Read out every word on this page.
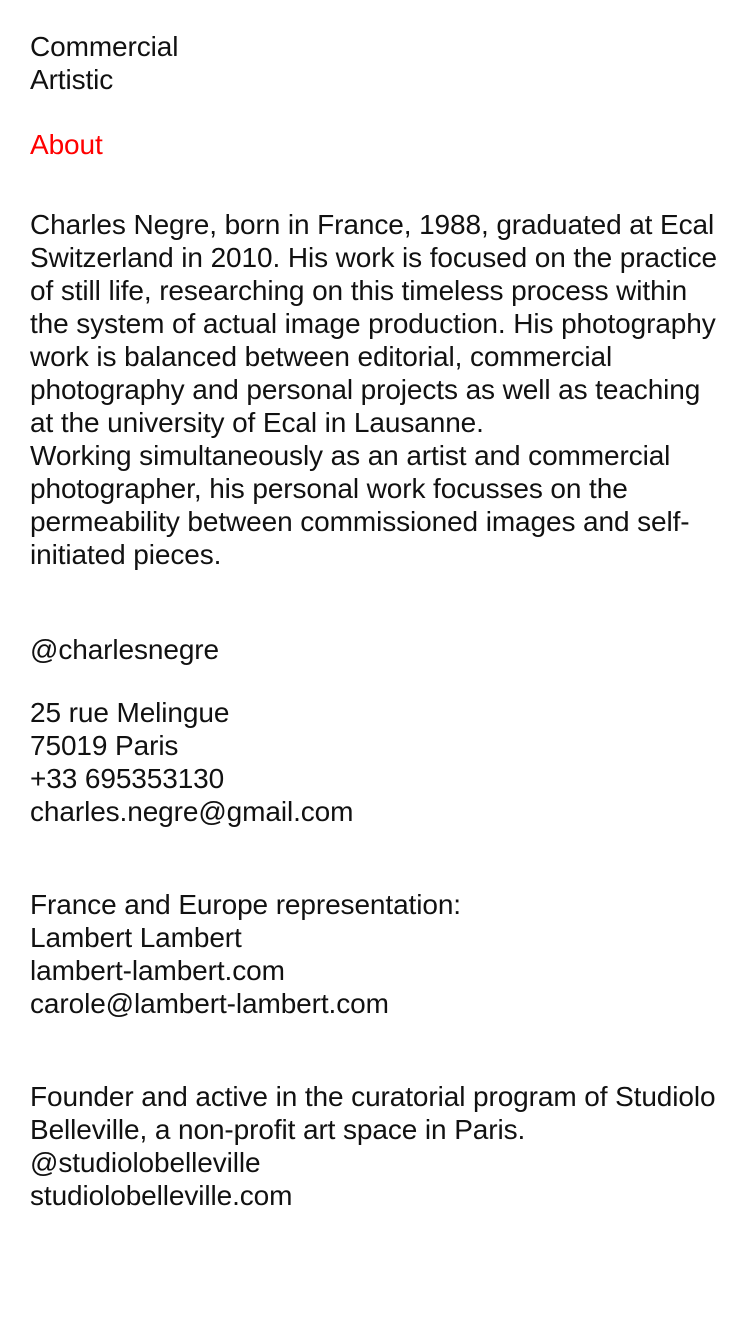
Commercial
Artistic
About

Charles Negre, born in France, 1988, graduated at Ecal Switzerland in 2010. His work is focused on the practice of still life, researching on this timeless process within the system of actual image production. His photography work is balanced between editorial, commercial photography and personal projects as well as teaching at the university of Ecal in Lausanne.

Working simultaneously as an artist and commercial photographer, his personal work focusses on the permeability between commissioned images and self-initiated pieces.

@charlesnegre
25 rue Melingue
75019 Paris
+33 695353130
charles.negre@gmail.com
France and Europe representation:
Lambert Lambert
lambert-lambert.com
carole@lambert-lambert.com
Founder and active in the curatorial program of Studiolo Belleville, a non-profit art space in Paris.
@studiolobelleville
studiolobelleville.com
